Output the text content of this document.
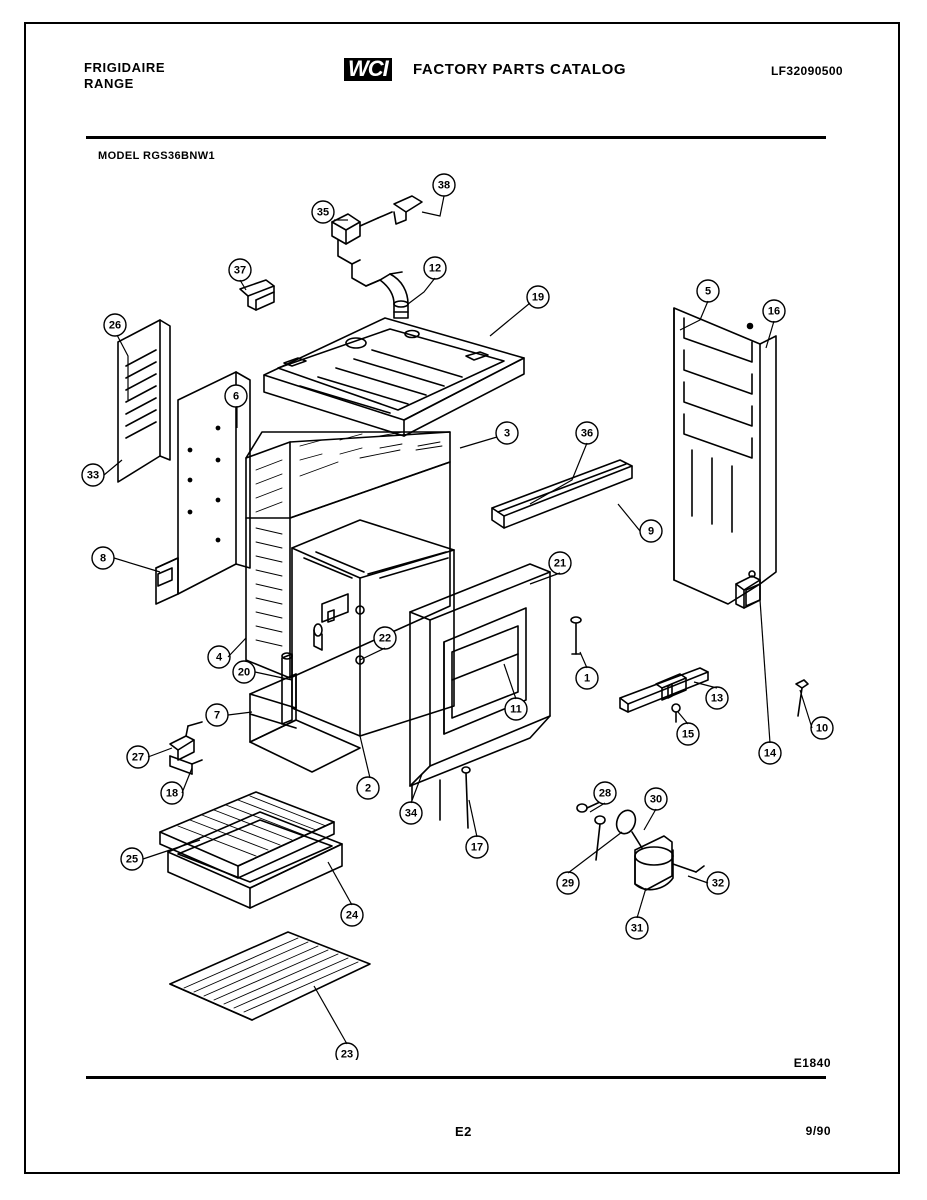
FRIGIDAIRE
RANGE
WCI FACTORY PARTS CATALOG	LF32090500
MODEL RGS36BNW1
E1840
E2	9/90
1
2
3
4
5
6
7
8
9
10
11
12
13
14
15
16
17
18
19
20
21
22
23
24
25
26
27
28
29
30
31
32
33
34
35
36
37
38
